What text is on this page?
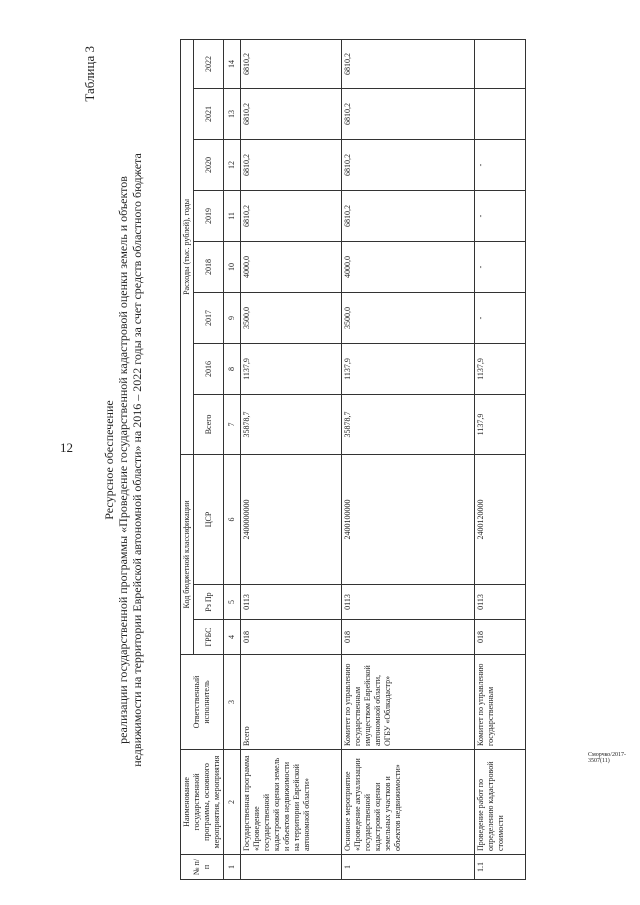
12
Сморчко/2017-3507(11)
Таблица 3
Ресурсное обеспечение реализации государственной программы «Проведение государственной кадастровой оценки земель и объектов недвижимости на территории Еврейской автономной области» на 2016 – 2022 годы за счет средств областного бюджета
№ п/п	Наименование государственной программы, основного мероприятия, мероприятия	Ответственный исполнитель	Код бюджетной классификации			Расходы (тыс. рублей), годы							
			ГРБС	Рз Пр	ЦСР	Всего	2016	2017	2018	2019	2020	2021	2022

1	2	3	4	5	6	7	8	9	10	11	12	13	14
	Государственная программа «Проведение государственной кадастровой оценки земель и объектов недвижимости на территории Еврейской автономной области»	Всего	018	0113	2400000000	35878,7	1137,9	3500,0	4000,0	6810,2	6810,2	6810,2	6810,2
1	Основное мероприятие «Проведение актуализации государственной кадастровой оценки земельных участков и объектов недвижимости»	Комитет по управлению государственным имуществом Еврейской автономной области, ОГБУ «Облкадастр»	018	0113	2400100000	35878,7	1137,9	3500,0	4000,0	6810,2	6810,2	6810,2	6810,2
1.1	Проведение работ по определению кадастровой стоимости	Комитет по управлению государственным	018	0113	2400120000	1137,9	1137,9	-	-	-	-		
